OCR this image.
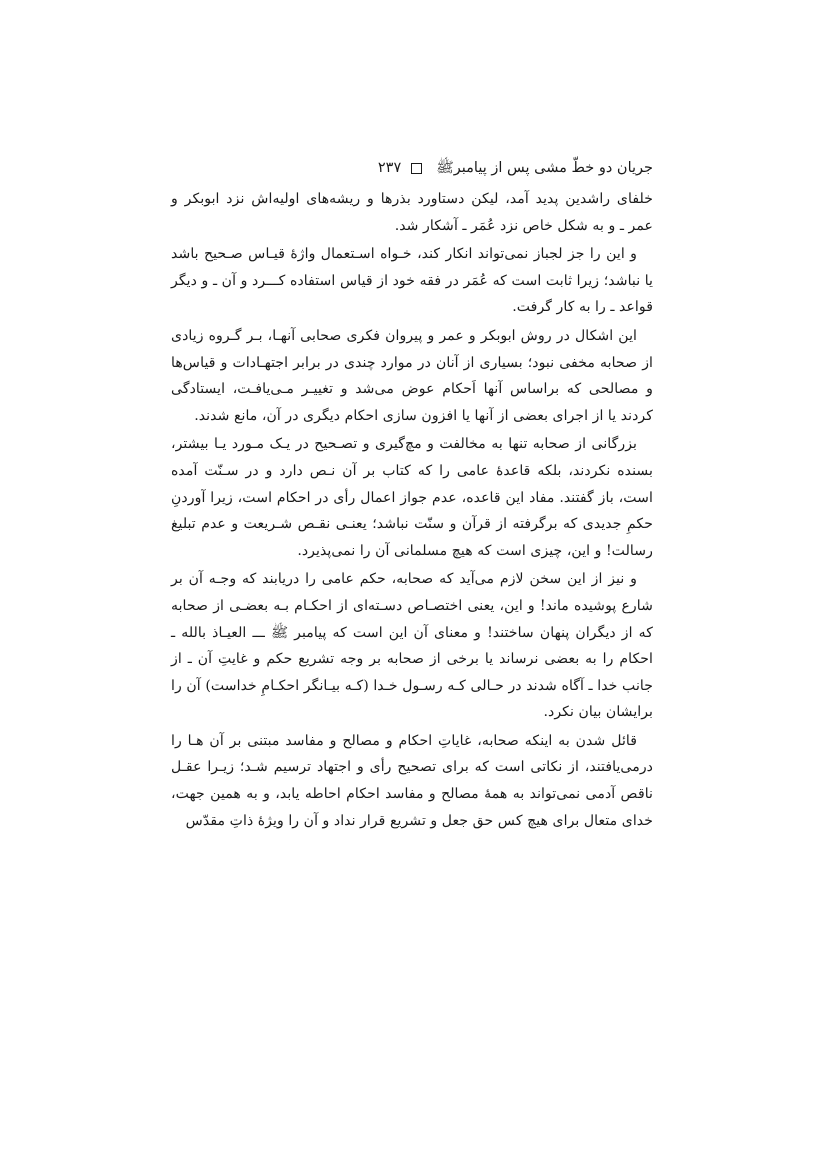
جریان دو خطّ مشی پس از پیامبرﷺ
۲۳۷

خلفای راشدین پدید آمد، لیکن دستاورد بذرها و ریشه‌های اولیه‌اش نزد ابوبکر و عمر ـ و به شکل خاص نزد عُمَر ـ آشکار شد.

و این را جز لجباز نمی‌تواند انکار کند، خـواه اسـتعمال واژۀ قیـاس صـحیح باشد یا نباشد؛ زیرا ثابت است که عُمَر در فقه خود از قیاس استفاده کـــرد و آن ـ و دیگر قواعد ـ را به کار گرفت.

این اشکال در روش ابوبکر و عمر و پیروان فکری صحابی آنهـا، بـر گـروه زیادی از صحابه مخفی نبود؛ بسیاری از آنان در موارد چندی در برابر اجتهـادات و قیاس‌ها و مصالحی که براساس آنها اَحکام عوض می‌شد و تغییـر مـی‌یافـت، ایستادگی کردند یا از اجرای بعضی از آنها یا افزون سازی احکام دیگری در آن، مانع شدند.

بزرگانی از صحابه تنها به مخالفت و مچ‌گیری و تصـحیح در یـک مـورد یـا بیشتر، بسنده نکردند، بلکه قاعدۀ عامی را که کتاب بر آن نـص دارد و در سـنّت آمده است، باز گفتند. مفاد این قاعده، عدم جواز اعمال رأی در احکام است، زیرا آوردنِ حکمِ جدیدی که برگرفته از قرآن و سنّت نباشد؛ یعنـی نقـص شـریعت و عدم تبلیغ رسالت! و این، چیزی است که هیچ مسلمانی آن را نمی‌پذیرد.

و نیز از این سخن لازم می‌آید که صحابه، حکم عامی را دریابند که وجـه آن بر شارع پوشیده ماند! و این، یعنی اختصـاص دسـته‌ای از احکـام بـه بعضـی از صحابه که از دیگران پنهان ساختند! و معنای آن این است که پیامبر ﷺ ـــ العیـاذ بالله ـ احکام را به بعضی نرساند یا برخی از صحابه بر وجه تشریع حکم و غایتِ آن ـ از جانب خدا ـ آگاه شدند در حـالی کـه رسـول خـدا (کـه بیـانگر احکـامِ خداست) آن را برایشان بیان نکرد.

قائل شدن به اینکه صحابه، غایاتِ احکام و مصالح و مفاسد مبتنی بر آن هـا را درمی‌یافتند، از نکاتی است که برای تصحیح رأی و اجتهاد ترسیم شـد؛ زیـرا عقـل ناقص آدمی نمی‌تواند به همۀ مصالح و مفاسد احکام احاطه یابد، و به همین جهت، خدای متعال برای هیچ کس حق جعل و تشریع قرار نداد و آن را ویژۀ ذاتِ مقدّس
